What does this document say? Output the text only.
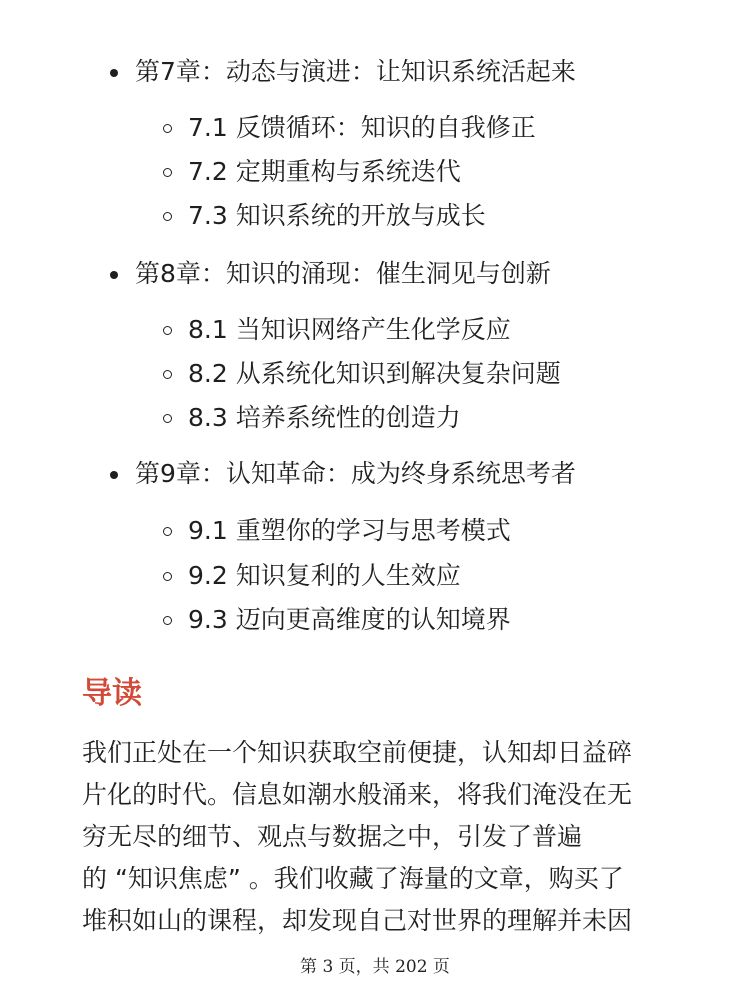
第7章：动态与演进：让知识系统活起来
7.1 反馈循环：知识的自我修正
7.2 定期重构与系统迭代
7.3 知识系统的开放与成长
第8章：知识的涌现：催生洞见与创新
8.1 当知识网络产生化学反应
8.2 从系统化知识到解决复杂问题
8.3 培养系统性的创造力
第9章：认知革命：成为终身系统思考者
9.1 重塑你的学习与思考模式
9.2 知识复利的人生效应
9.3 迈向更高维度的认知境界
导读
我们正处在一个知识获取空前便捷，认知却日益碎
片化的时代。信息如潮水般涌来，将我们淹没在无
穷无尽的细节、观点与数据之中，引发了普遍
的 “知识焦虑” 。我们收藏了海量的文章，购买了
堆积如山的课程，却发现自己对世界的理解并未因
第 3 页，共 202 页
